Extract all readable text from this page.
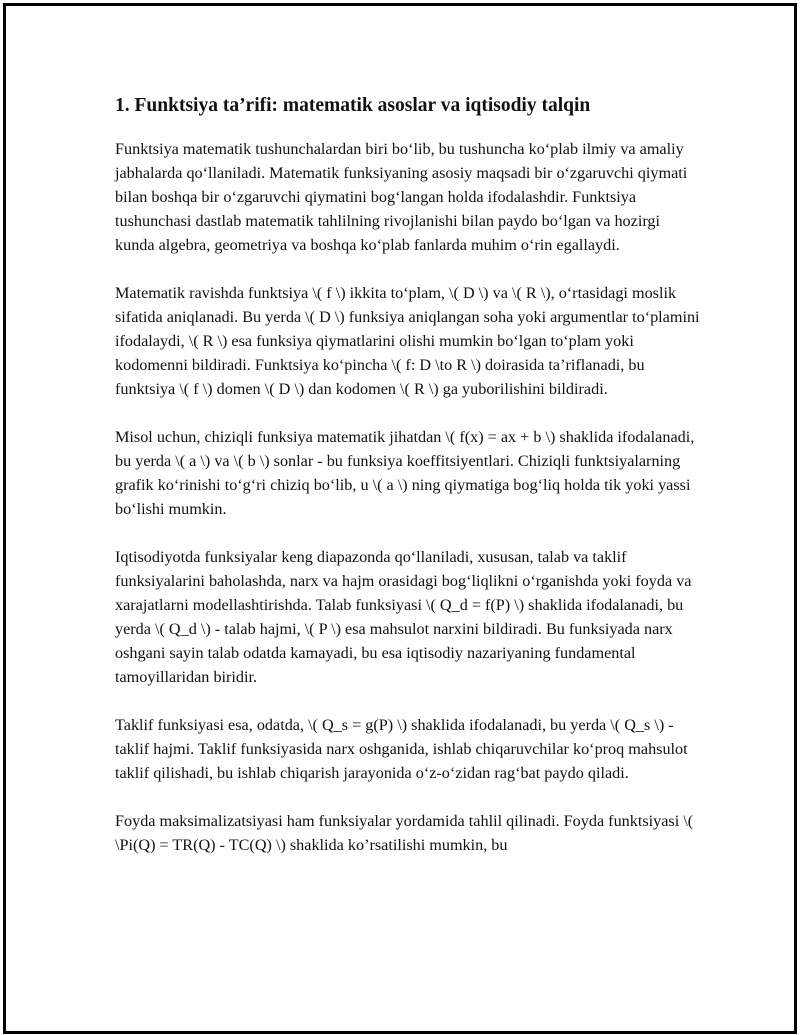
1. Funktsiya ta’rifi: matematik asoslar va iqtisodiy talqin

Funktsiya matematik tushunchalardan biri bo‘lib, bu tushuncha ko‘plab ilmiy va amaliy jabhalarda qo‘llaniladi. Matematik funksiyaning asosiy maqsadi bir o‘zgaruvchi qiymati bilan boshqa bir o‘zgaruvchi qiymatini bog‘langan holda ifodalashdir. Funktsiya tushunchasi dastlab matematik tahlilning rivojlanishi bilan paydo bo‘lgan va hozirgi kunda algebra, geometriya va boshqa ko‘plab fanlarda muhim o‘rin egallaydi.

Matematik ravishda funktsiya \( f \) ikkita to‘plam, \( D \) va \( R \), o‘rtasidagi moslik sifatida aniqlanadi. Bu yerda \( D \) funksiya aniqlangan soha yoki argumentlar to‘plamini ifodalaydi, \( R \) esa funksiya qiymatlarini olishi mumkin bo‘lgan to‘plam yoki kodomenni bildiradi. Funktsiya ko‘pincha \( f: D \to R \) doirasida ta’riflanadi, bu funktsiya \( f \) domen \( D \) dan kodomen \( R \) ga yuborilishini bildiradi.

Misol uchun, chiziqli funksiya matematik jihatdan \( f(x) = ax + b \) shaklida ifodalanadi, bu yerda \( a \) va \( b \) sonlar - bu funksiya koeffitsiyentlari. Chiziqli funktsiyalarning grafik ko‘rinishi to‘g‘ri chiziq bo‘lib, u \( a \) ning qiymatiga bog‘liq holda tik yoki yassi bo‘lishi mumkin.

Iqtisodiyotda funksiyalar keng diapazonda qo‘llaniladi, xususan, talab va taklif funksiyalarini baholashda, narx va hajm orasidagi bog‘liqlikni o‘rganishda yoki foyda va xarajatlarni modellashtirishda. Talab funksiyasi \( Q_d = f(P) \) shaklida ifodalanadi, bu yerda \( Q_d \) - talab hajmi, \( P \) esa mahsulot narxini bildiradi. Bu funksiyada narx oshgani sayin talab odatda kamayadi, bu esa iqtisodiy nazariyaning fundamental tamoyillaridan biridir.

Taklif funksiyasi esa, odatda, \( Q_s = g(P) \) shaklida ifodalanadi, bu yerda \( Q_s \) - taklif hajmi. Taklif funksiyasida narx oshganida, ishlab chiqaruvchilar ko‘proq mahsulot taklif qilishadi, bu ishlab chiqarish jarayonida o‘z-o‘zidan rag‘bat paydo qiladi.

Foyda maksimalizatsiyasi ham funksiyalar yordamida tahlil qilinadi. Foyda funktsiyasi \( \Pi(Q) = TR(Q) - TC(Q) \) shaklida ko’rsatilishi mumkin, bu
